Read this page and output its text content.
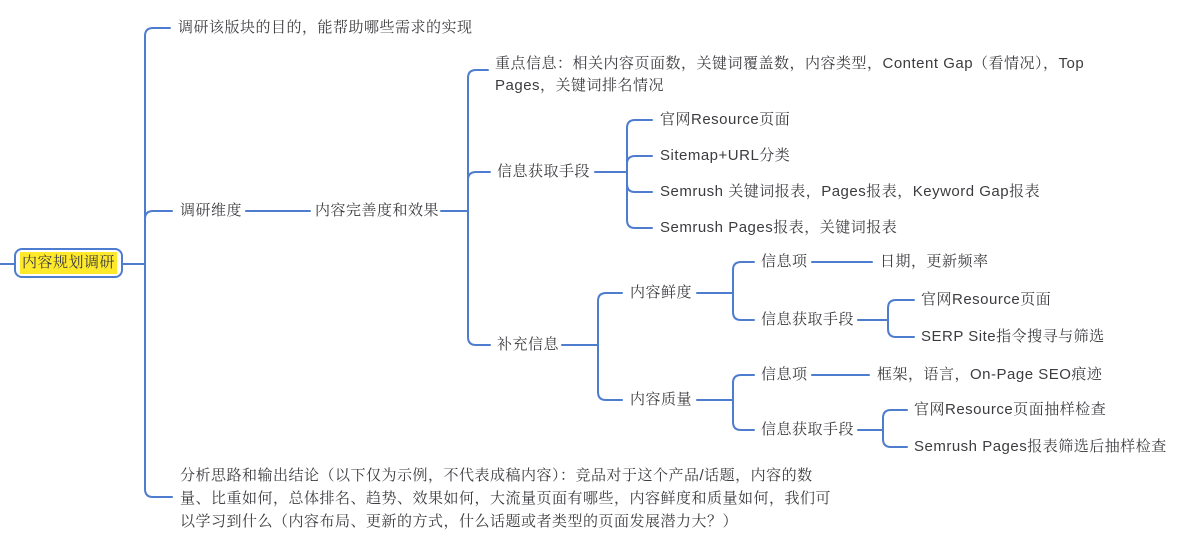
内容规划调研
调研该版块的目的，能帮助哪些需求的实现
调研维度
分析思路和输出结论（以下仅为示例，不代表成稿内容）：竞品对于这个产品/话题，内容的数量、比重如何，总体排名、趋势、效果如何，大流量页面有哪些，内容鲜度和质量如何，我们可以学习到什么（内容布局、更新的方式，什么话题或者类型的页面发展潜力大？）
内容完善度和效果
重点信息：相关内容页面数，关键词覆盖数，内容类型，Content Gap（看情况），Top Pages，关键词排名情况
信息获取手段
补充信息
官网Resource页面
Sitemap+URL分类
Semrush 关键词报表，Pages报表，Keyword Gap报表
Semrush Pages报表，关键词报表
内容鲜度
信息项	日期，更新频率
信息获取手段
官网Resource页面
SERP Site指令搜寻与筛选
内容质量
信息项	框架，语言，On-Page SEO痕迹
信息获取手段
官网Resource页面抽样检查
Semrush Pages报表筛选后抽样检查
